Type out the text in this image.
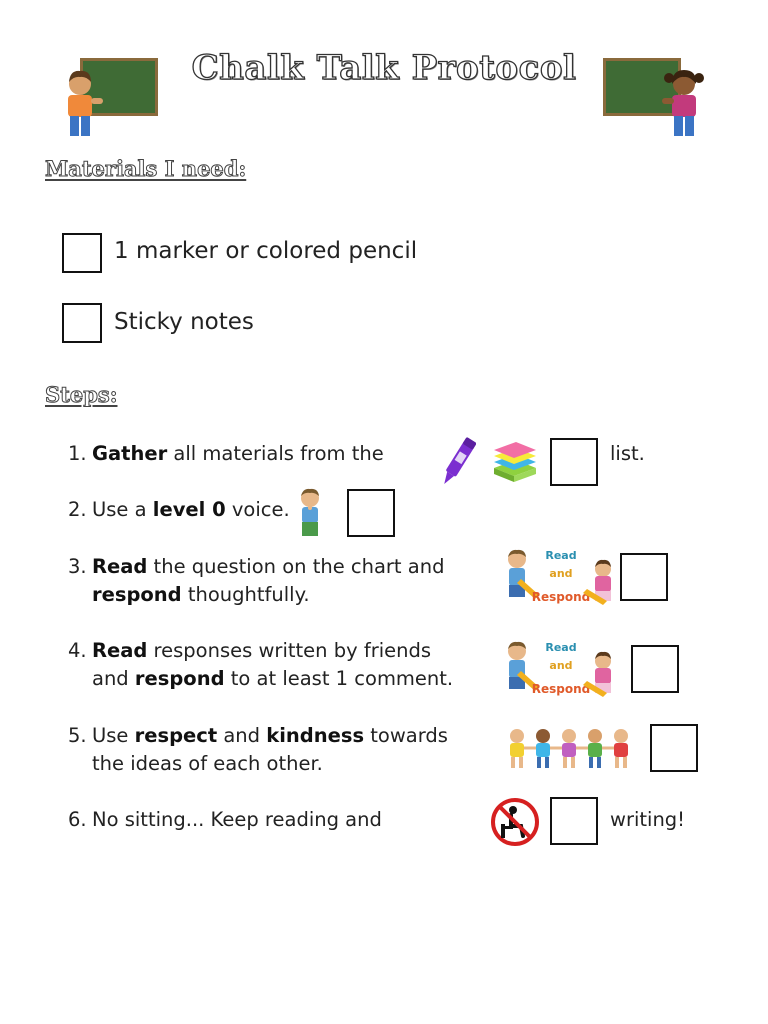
Chalk Talk Protocol
Materials I need:
1 marker or colored pencil
Sticky notes
Steps:
1. Gather all materials from the	list.
2. Use a level 0 voice.
3. Read the question on the chart and
respond thoughtfully.
Read
and
Respond
4. Read responses written by friends
and respond to at least 1 comment.
Read
and
Respond
5. Use respect and kindness towards
the ideas of each other.
6. No sitting... Keep reading and	writing!
